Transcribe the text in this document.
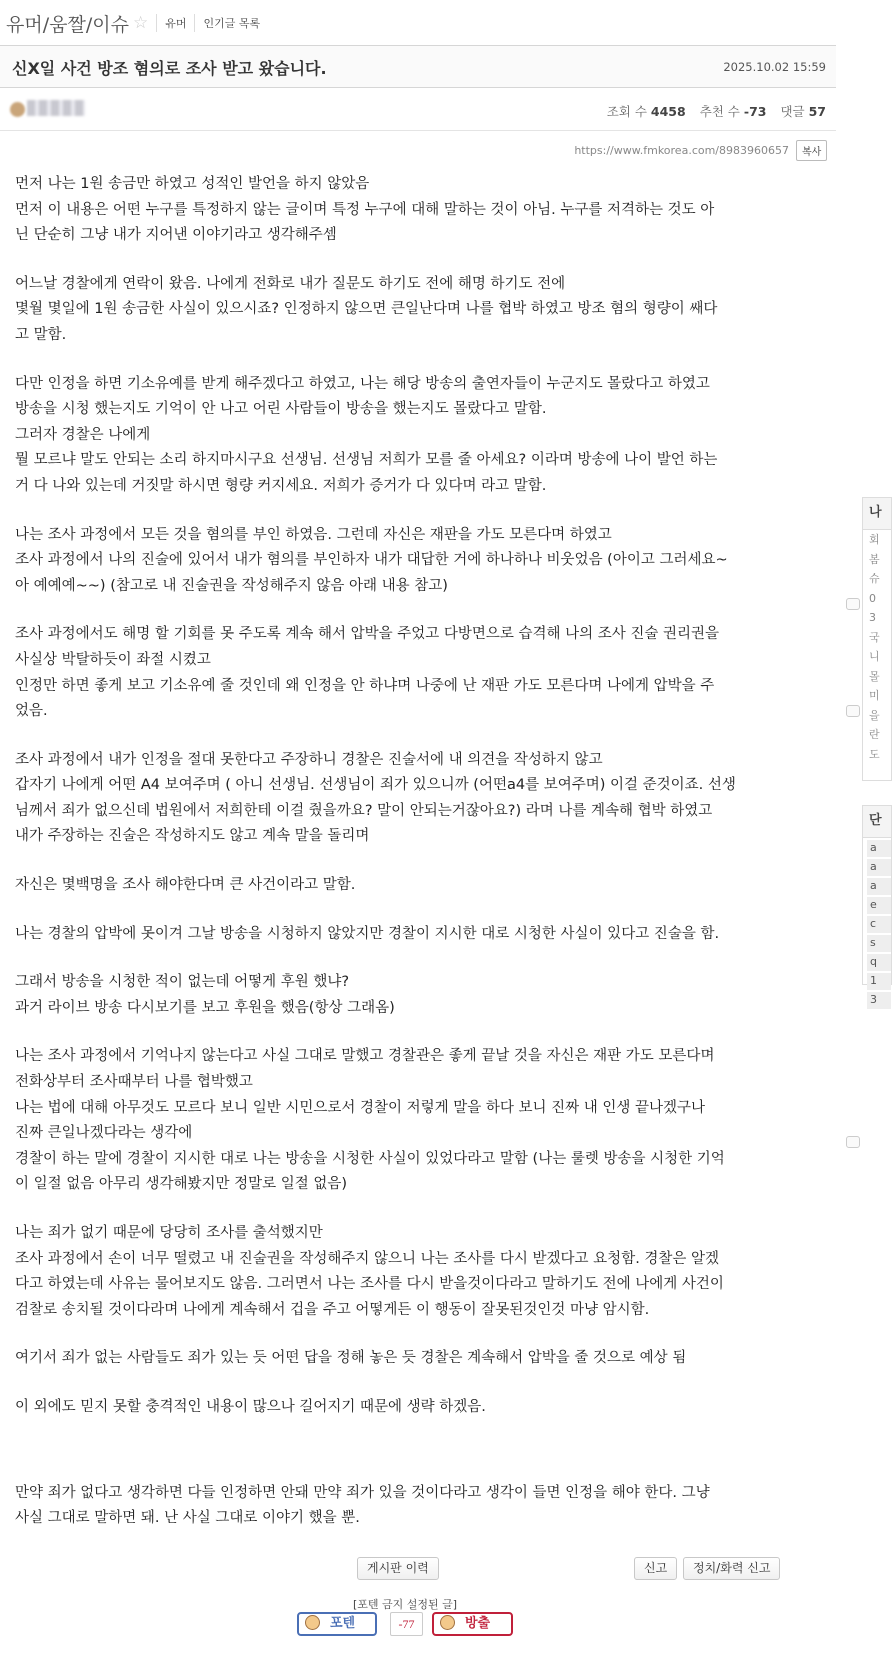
유머/움짤/이슈 ☆ 유머 인기글 목록
신X일 사건 방조 혐의로 조사 받고 왔습니다.	2025.10.02 15:59
조회 수 4458 추천 수 -73 댓글 57
https://www.fmkorea.com/8983960657	복사
먼저 나는 1원 송금만 하였고 성적인 발언을 하지 않았음
먼저 이 내용은 어떤 누구를 특정하지 않는 글이며 특정 누구에 대해 말하는 것이 아님. 누구를 저격하는 것도 아
닌 단순히 그냥 내가 지어낸 이야기라고 생각해주셈
어느날 경찰에게 연락이 왔음. 나에게 전화로 내가 질문도 하기도 전에 해명 하기도 전에
몇월 몇일에 1원 송금한 사실이 있으시죠? 인정하지 않으면 큰일난다며 나를 협박 하였고 방조 혐의 형량이 쌔다
고 말함.
다만 인정을 하면 기소유예를 받게 해주겠다고 하였고, 나는 해당 방송의 출연자들이 누군지도 몰랐다고 하였고
방송을 시청 했는지도 기억이 안 나고 어린 사람들이 방송을 했는지도 몰랐다고 말함.
그러자 경찰은 나에게
뭘 모르냐 말도 안되는 소리 하지마시구요 선생님. 선생님 저희가 모를 줄 아세요? 이라며 방송에 나이 발언 하는
거 다 나와 있는데 거짓말 하시면 형량 커지세요. 저희가 증거가 다 있다며 라고 말함.
나는 조사 과정에서 모든 것을 혐의를 부인 하였음. 그런데 자신은 재판을 가도 모른다며 하였고
조사 과정에서 나의 진술에 있어서 내가 혐의를 부인하자 내가 대답한 거에 하나하나 비웃었음 (아이고 그러세요~
아 예예예~~) (참고로 내 진술권을 작성해주지 않음 아래 내용 참고)
조사 과정에서도 해명 할 기회를 못 주도록 계속 해서 압박을 주었고 다방면으로 습격해 나의 조사 진술 권리권을
사실상 박탈하듯이 좌절 시켰고
인정만 하면 좋게 보고 기소유예 줄 것인데 왜 인정을 안 하냐며 나중에 난 재판 가도 모른다며 나에게 압박을 주
었음.
조사 과정에서 내가 인정을 절대 못한다고 주장하니 경찰은 진술서에 내 의견을 작성하지 않고
갑자기 나에게 어떤 A4 보여주며 ( 아니 선생님. 선생님이 죄가 있으니까 (어떤a4를 보여주며) 이걸 준것이죠. 선생
님께서 죄가 없으신데 법원에서 저희한테 이걸 줬을까요? 말이 안되는거잖아요?) 라며 나를 계속해 협박 하였고
내가 주장하는 진술은 작성하지도 않고 계속 말을 돌리며
자신은 몇백명을 조사 해야한다며 큰 사건이라고 말함.
나는 경찰의 압박에 못이겨 그날 방송을 시청하지 않았지만 경찰이 지시한 대로 시청한 사실이 있다고 진술을 함.
그래서 방송을 시청한 적이 없는데 어떻게 후원 했냐?
과거 라이브 방송 다시보기를 보고 후원을 했음(항상 그래옴)
나는 조사 과정에서 기억나지 않는다고 사실 그대로 말했고 경찰관은 좋게 끝날 것을 자신은 재판 가도 모른다며
전화상부터 조사때부터 나를 협박했고
나는 법에 대해 아무것도 모르다 보니 일반 시민으로서 경찰이 저렇게 말을 하다 보니 진짜 내 인생 끝나겠구나
진짜 큰일나겠다라는 생각에
경찰이 하는 말에 경찰이 지시한 대로 나는 방송을 시청한 사실이 있었다라고 말함 (나는 룰렛 방송을 시청한 기억
이 일절 없음 아무리 생각해봤지만 정말로 일절 없음)
나는 죄가 없기 때문에 당당히 조사를 출석했지만
조사 과정에서 손이 너무 떨렸고 내 진술권을 작성해주지 않으니 나는 조사를 다시 받겠다고 요청함. 경찰은 알겠
다고 하였는데 사유는 물어보지도 않음. 그러면서 나는 조사를 다시 받을것이다라고 말하기도 전에 나에게 사건이
검찰로 송치될 것이다라며 나에게 계속해서 겁을 주고 어떻게든 이 행동이 잘못된것인것 마냥 암시함.
여기서 죄가 없는 사람들도 죄가 있는 듯 어떤 답을 정해 놓은 듯 경찰은 계속해서 압박을 줄 것으로 예상 됨
이 외에도 믿지 못할 충격적인 내용이 많으나 길어지기 때문에 생략 하겠음.
만약 죄가 없다고 생각하면 다들 인정하면 안돼 만약 죄가 있을 것이다라고 생각이 들면 인정을 해야 한다. 그냥
사실 그대로 말하면 돼. 난 사실 그대로 이야기 했을 뿐.
게시판 이력	신고	정치/화력 신고
[포텐 금지 설정된 글]
포텐	-77	방출
나
회
봄
슈
0
3
국
니
몰
미
을
란
도
단
a
a
a
e
c
s
q
1
3
